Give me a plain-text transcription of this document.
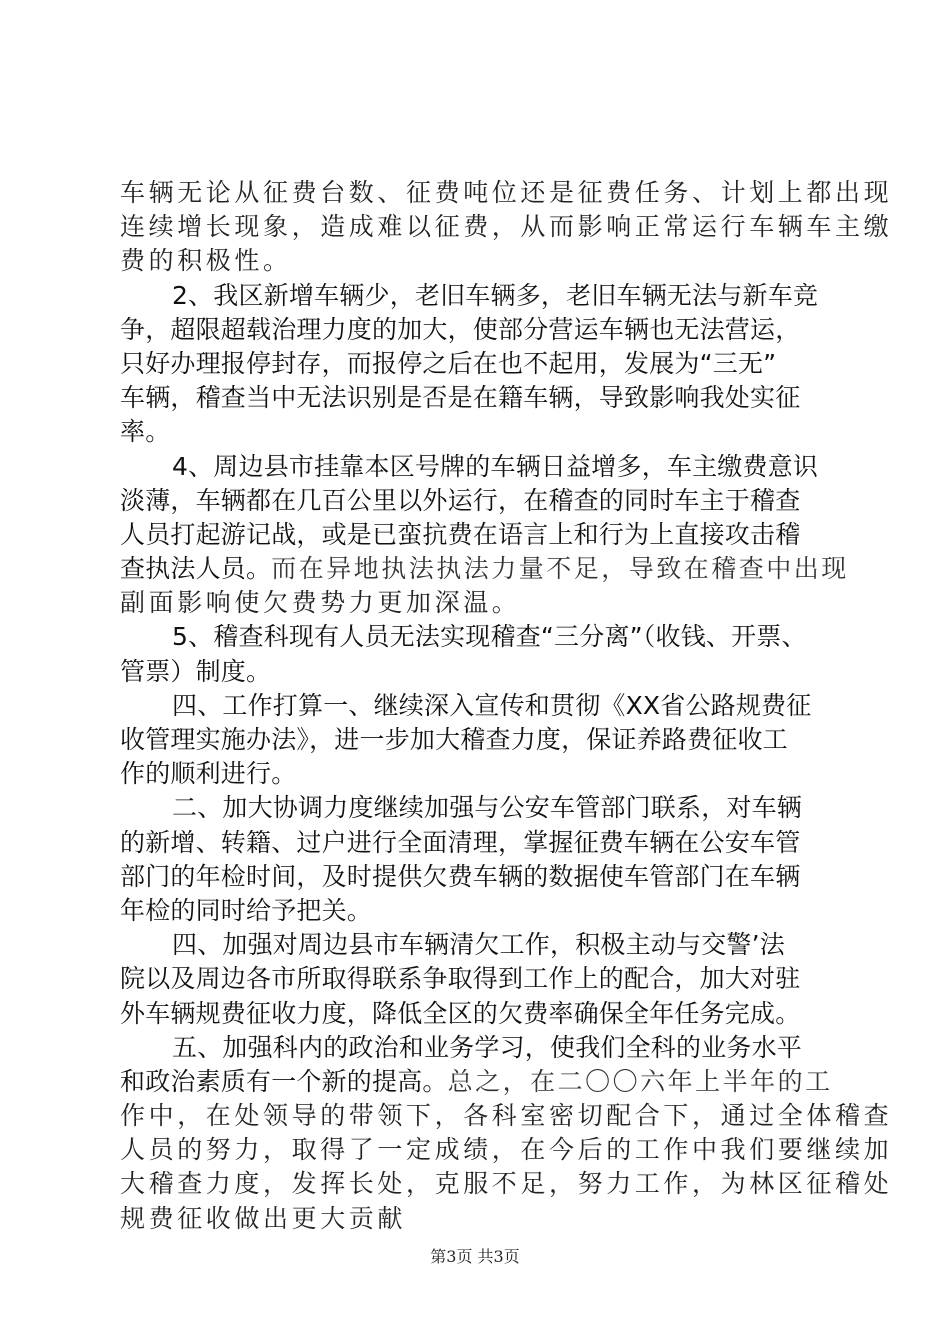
车辆无论从征费台数、征费吨位还是征费任务、计划上都出现
连续增长现象，造成难以征费，从而影响正常运行车辆车主缴
费的积极性。
2、我区新增车辆少，老旧车辆多，老旧车辆无法与新车竞
争，超限超载治理力度的加大，使部分营运车辆也无法营运，
只好办理报停封存，而报停之后在也不起用，发展为“三无”
车辆，稽查当中无法识别是否是在籍车辆，导致影响我处实征
率。
4、周边县市挂靠本区号牌的车辆日益增多，车主缴费意识
淡薄，车辆都在几百公里以外运行，在稽查的同时车主于稽查
人员打起游记战，或是已蛮抗费在语言上和行为上直接攻击稽
查执法人员。而在异地执法执法力量不足，导致在稽查中出现
副面影响使欠费势力更加深温。
5、稽查科现有人员无法实现稽查“三分离”（收钱、开票、
管票）制度。
四、工作打算一、继续深入宣传和贯彻《XX省公路规费征
收管理实施办法》，进一步加大稽查力度，保证养路费征收工
作的顺利进行。
二、加大协调力度继续加强与公安车管部门联系，对车辆
的新增、转籍、过户进行全面清理，掌握征费车辆在公安车管
部门的年检时间，及时提供欠费车辆的数据使车管部门在车辆
年检的同时给予把关。
四、加强对周边县市车辆清欠工作，积极主动与交警’法
院以及周边各市所取得联系争取得到工作上的配合，加大对驻
外车辆规费征收力度，降低全区的欠费率确保全年任务完成。
五、加强科内的政治和业务学习，使我们全科的业务水平
和政治素质有一个新的提高。总之，在二〇〇六年上半年的工
作中，在处领导的带领下，各科室密切配合下，通过全体稽查
人员的努力，取得了一定成绩，在今后的工作中我们要继续加
大稽查力度，发挥长处，克服不足，努力工作，为林区征稽处
规费征收做出更大贡献
第3页 共3页
